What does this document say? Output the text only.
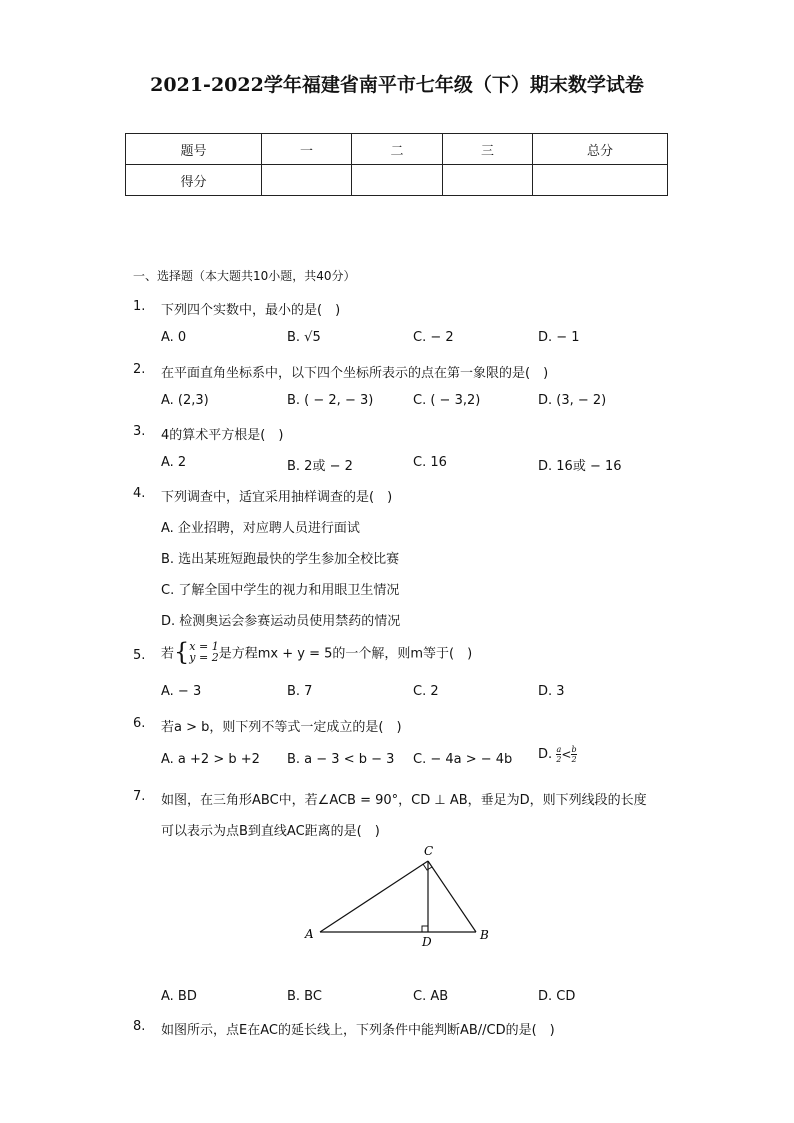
2021-2022学年福建省南平市七年级（下）期末数学试卷
题号	一	二	三	总分
得分				
一、选择题（本大题共10小题，共40分）
1. 下列四个实数中，最小的是(　)
A. 0	B. √5	C. − 2	D. − 1
2. 在平面直角坐标系中，以下四个坐标所表示的点在第一象限的是(　)
A. (2,3)	B. ( − 2, − 3)	C. ( − 3,2)	D. (3, − 2)
3. 4的算术平方根是(　)
A. 2	B. 2或 − 2	C. 16	D. 16或 − 16
4. 下列调查中，适宜采用抽样调查的是(　)
A. 企业招聘，对应聘人员进行面试
B. 选出某班短跑最快的学生参加全校比赛
C. 了解全国中学生的视力和用眼卫生情况
D. 检测奥运会参赛运动员使用禁药的情况
5. 若{ x = 1
y = 2 是方程mx + y = 5的一个解，则m等于(　)
A. − 3	B. 7	C. 2	D. 3
6. 若a > b，则下列不等式一定成立的是(　)
A. a +2 > b +2 B. a − 3 < b − 3 C. − 4a > − 4b D. $\frac{a}{2} < \frac{b}{2}$
7. 如图，在三角形ABC中，若∠ACB = 90°，CD ⊥ AB，垂足为D，则下列线段的长度
可以表示为点B到直线AC距离的是(　)
A	B
C
D
A. BD	B. BC	C. AB	D. CD
8. 如图所示，点E在AC的延长线上，下列条件中能判断AB//CD的是(　)
